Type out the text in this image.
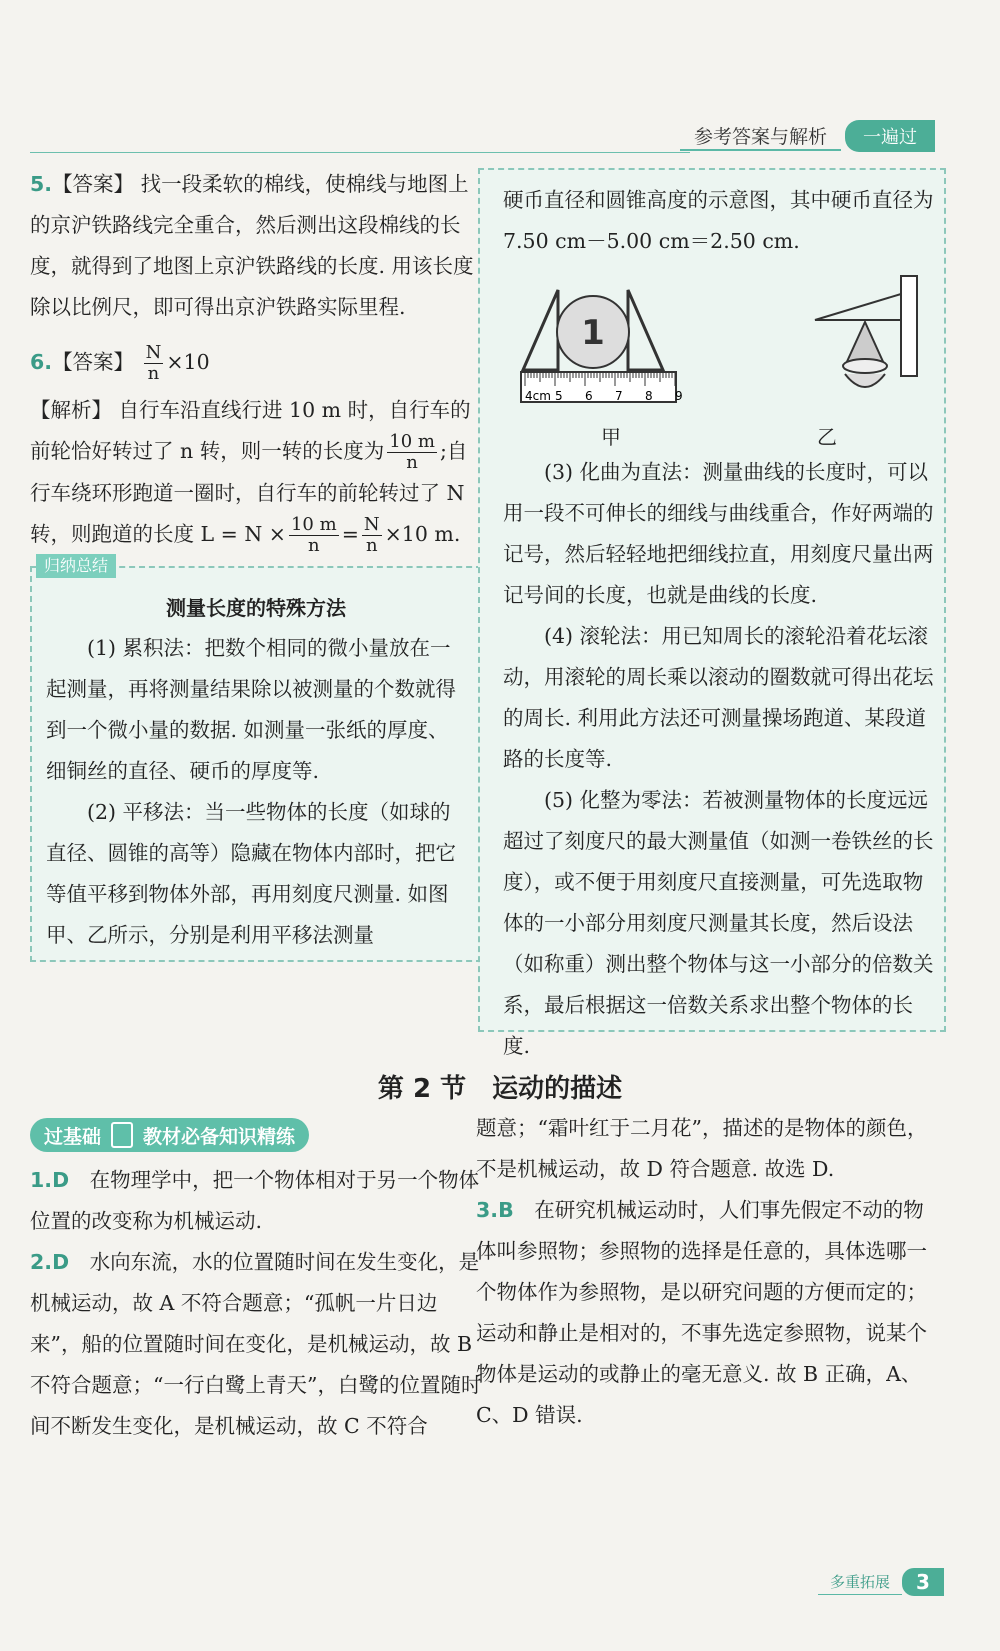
参考答案与解析	一遍过
5.【答案】 找一段柔软的棉线，使棉线与地图上的京沪铁路线完全重合，然后测出这段棉线的长度，就得到了地图上京沪铁路线的长度. 用该长度除以比例尺，即可得出京沪铁路实际里程.
6.【答案】 $\frac{N}{n} \times 10$
【解析】 自行车沿直线行进 10 m 时，自行车的前轮恰好转过了 n 转，则一转的长度为 $\frac{10 m}{n}$ ;自行车绕环形跑道一圈时，自行车的前轮转过了 N 转，则跑道的长度 $L = N \times \frac{10 m}{n} = \frac{N}{n} \times 10$ m.
归纳总结
测量长度的特殊方法

(1) 累积法：把数个相同的微小量放在一起测量，再将测量结果除以被测量的个数就得到一个微小量的数据. 如测量一张纸的厚度、细铜丝的直径、硬币的厚度等.

(2) 平移法：当一些物体的长度（如球的直径、圆锥的高等）隐藏在物体内部时，把它等值平移到物体外部，再用刻度尺测量. 如图甲、乙所示，分别是利用平移法测量

硬币直径和圆锥高度的示意图，其中硬币直径为 7.50 cm－5.00 cm＝2.50 cm.

1
4cm 5 6 7 8 9
甲	乙

(3) 化曲为直法：测量曲线的长度时，可以用一段不可伸长的细线与曲线重合，作好两端的记号，然后轻轻地把细线拉直，用刻度尺量出两记号间的长度，也就是曲线的长度.

(4) 滚轮法：用已知周长的滚轮沿着花坛滚动，用滚轮的周长乘以滚动的圈数就可得出花坛的周长. 利用此方法还可测量操场跑道、某段道路的长度等.

(5) 化整为零法：若被测量物体的长度远远超过了刻度尺的最大测量值（如测一卷铁丝的长度），或不便于用刻度尺直接测量，可先选取物体的一小部分用刻度尺测量其长度，然后设法（如称重）测出整个物体与这一小部分的倍数关系，最后根据这一倍数关系求出整个物体的长度.

第 2 节　运动的描述
过基础 教材必备知识精练
1.D　 在物理学中，把一个物体相对于另一个物体位置的改变称为机械运动.
2.D　 水向东流，水的位置随时间在发生变化，是机械运动，故 A 不符合题意；“孤帆一片日边来”，船的位置随时间在变化，是机械运动，故 B 不符合题意；“一行白鹭上青天”，白鹭的位置随时间不断发生变化，是机械运动，故 C 不符合
题意；“霜叶红于二月花”，描述的是物体的颜色，不是机械运动，故 D 符合题意. 故选 D.
3.B　 在研究机械运动时，人们事先假定不动的物体叫参照物；参照物的选择是任意的，具体选哪一个物体作为参照物，是以研究问题的方便而定的；运动和静止是相对的，不事先选定参照物，说某个物体是运动的或静止的毫无意义. 故 B 正确，A、C、D 错误.
多重拓展	3
